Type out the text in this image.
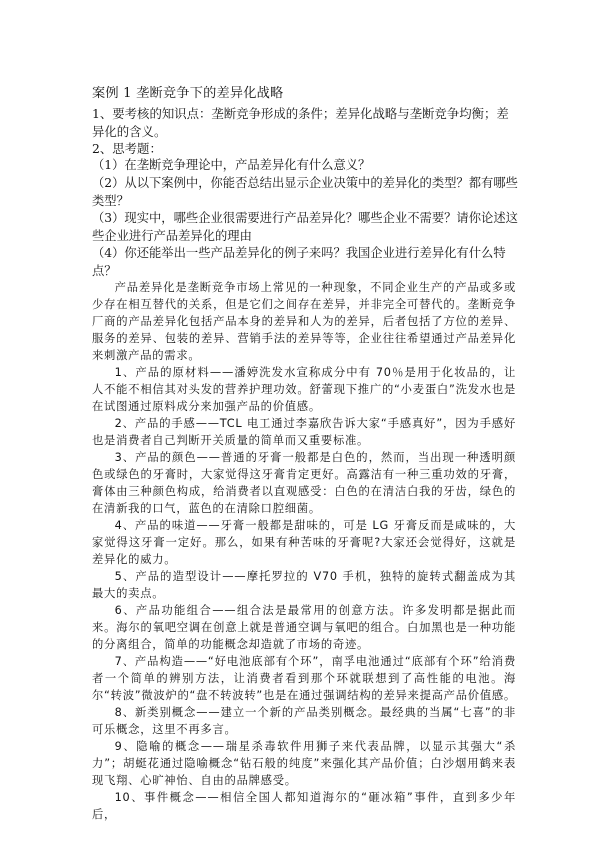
案例 1 垄断竞争下的差异化战略
1、要考核的知识点：垄断竞争形成的条件；差异化战略与垄断竞争均衡；差异化的含义。
2、思考题：
（1）在垄断竞争理论中，产品差异化有什么意义？
（2）从以下案例中，你能否总结出显示企业决策中的差异化的类型？都有哪些类型？
（3）现实中，哪些企业很需要进行产品差异化？哪些企业不需要？请你论述这些企业进行产品差异化的理由
（4）你还能举出一些产品差异化的例子来吗？我国企业进行差异化有什么特点？

产品差异化是垄断竞争市场上常见的一种现象，不同企业生产的产品或多或少存在相互替代的关系，但是它们之间存在差异，并非完全可替代的。垄断竞争厂商的产品差异化包括产品本身的差异和人为的差异，后者包括了方位的差异、服务的差异、包装的差异、营销手法的差异等等，企业往往希望通过产品差异化来刺激产品的需求。

1、产品的原材料——潘婷洗发水宣称成分中有 70％是用于化妆品的，让人不能不相信其对头发的营养护理功效。舒蕾现下推广的“小麦蛋白”洗发水也是在试图通过原料成分来加强产品的价值感。

2、产品的手感——TCL 电工通过李嘉欣告诉大家“手感真好”，因为手感好也是消费者自己判断开关质量的简单而又重要标准。

3、产品的颜色——普通的牙膏一般都是白色的，然而，当出现一种透明颜色或绿色的牙膏时，大家觉得这牙膏肯定更好。高露洁有一种三重功效的牙膏，膏体由三种颜色构成，给消费者以直观感受：白色的在清洁白我的牙齿，绿色的在清新我的口气，蓝色的在清除口腔细菌。

4、产品的味道——牙膏一般都是甜味的，可是 LG 牙膏反而是咸味的，大家觉得这牙膏一定好。那么，如果有种苦味的牙膏呢?大家还会觉得好，这就是差异化的威力。

5、产品的造型设计——摩托罗拉的 V70 手机，独特的旋转式翻盖成为其最大的卖点。

6、产品功能组合——组合法是最常用的创意方法。许多发明都是据此而来。海尔的氧吧空调在创意上就是普通空调与氧吧的组合。白加黑也是一种功能的分离组合，简单的功能概念却造就了市场的奇迹。

7、产品构造——“好电池底部有个环”，南孚电池通过“底部有个环”给消费者一个简单的辨别方法，让消费者看到那个环就联想到了高性能的电池。海尔“转波”微波炉的“盘不转波转”也是在通过强调结构的差异来提高产品价值感。

8、新类别概念——建立一个新的产品类别概念。最经典的当属“七喜”的非可乐概念，这里不再多言。

9、隐喻的概念——瑞星杀毒软件用狮子来代表品牌，以显示其强大“杀力”；胡蜓花通过隐喻概念“钻石般的纯度”来强化其产品价值；白沙烟用鹤来表现飞翔、心旷神怡、自由的品牌感受。

10、事件概念——相信全国人都知道海尔的“砸冰箱”事件，直到多少年后，
